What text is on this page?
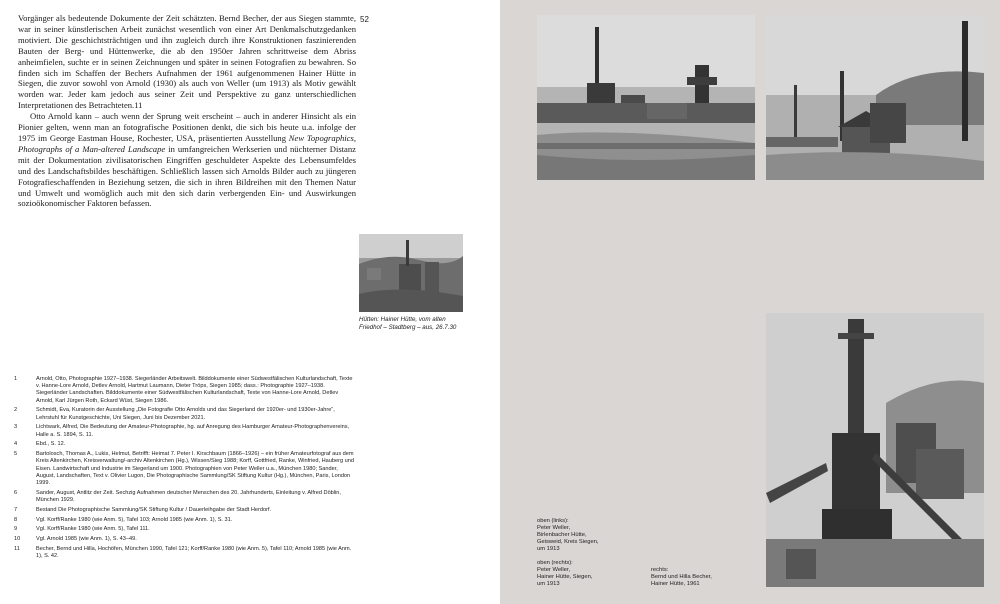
Vorgänger als bedeutende Dokumente der Zeit schätzten. Bernd Becher, der aus Siegen stammte, war in seiner künstlerischen Arbeit zunächst wesentlich von einer Art Denkmalschutzgedanken motiviert. Die geschichtsträchtigen und ihn zugleich durch ihre Konstruktionen faszinierenden Bauten der Berg- und Hüttenwerke, die ab den 1950er Jahren schrittweise dem Abriss anheimfielen, suchte er in seinen Zeichnungen und später in seinen Fotografien zu bewahren. So finden sich im Schaffen der Bechers Aufnahmen der 1961 aufgenommenen Hainer Hütte in Siegen, die zuvor sowohl von Arnold (1930) als auch von Weller (um 1913) als Motiv gewählt worden war. Jeder kam jedoch aus seiner Zeit und Perspektive zu ganz unterschiedlichen Interpretationen des Betrachteten.11

Otto Arnold kann – auch wenn der Sprung weit erscheint – auch in anderer Hinsicht als ein Pionier gelten, wenn man an fotografische Positionen denkt, die sich bis heute u.a. infolge der 1975 im George Eastman House, Rochester, USA, präsentierten Ausstellung New Topographics, Photographs of a Man-altered Landscape in umfangreichen Werkserien und nüchterner Distanz mit der Dokumentation zivilisatorischen Eingriffen geschuldeter Aspekte des Lebensumfeldes und des Landschaftsbildes beschäftigen. Schließlich lassen sich Arnolds Bilder auch zu jüngeren Fotografieschaffenden in Beziehung setzen, die sich in ihren Bildreihen mit den Themen Natur und Umwelt und womöglich auch mit den sich darin verbergenden Ein- und Auswirkungen sozioökonomischer Faktoren befassen.

52
Hütten: Hainer Hütte, vom alten Friedhof – Stadtberg – aus, 26.7.30
1	Arnold, Otto, Photographie 1927–1938. Siegerländer Arbeitswelt. Bilddokumente einer Südwestfälischen Kulturlandschaft, Texte v. Hanne-Lore Arnold, Detlev Arnold, Hartmut Laumann, Dieter Tröps, Siegen 1985; dass.: Photographie 1927–1938. Siegerländer Landschaften. Bilddokumente einer Südwestfälischen Kulturlandschaft, Texte von Hanne-Lore Arnold, Detlev Arnold, Karl Jürgen Roth, Eckard Wüst, Siegen 1986.
2	Schmidt, Eva, Kuratorin der Ausstellung „Die Fotografie Otto Arnolds und das Siegerland der 1920er- und 1930er-Jahre“, Lehrstuhl für Kunstgeschichte, Uni Siegen, Juni bis Dezember 2021.
3	Lichtwark, Alfred, Die Bedeutung der Amateur-Photographie, hg. auf Anregung des Hamburger Amateur-Photographenvereins, Halle a. S. 1894, S. 11.
4	Ebd., S. 12.
5	Bartolosch, Thomas A., Lukis, Helmut, Betrifft: Heimat 7. Peter I. Kirschbaum (1866–1926) – ein früher Amateurfotograf aus dem Kreis Altenkirchen, Kreisverwaltung/-archiv Altenkirchen (Hg.), Wissen/Sieg 1988; Korff, Gottfried, Ranke, Winfried, Hauberg und Eisen. Landwirtschaft und Industrie im Siegerland um 1900. Photographien von Peter Weller u.a., München 1980; Sander, August, Landschaften, Text v. Olivier Lugon, Die Photographische Sammlung/SK Stiftung Kultur (Hg.), München, Paris, London 1999.
6	Sander, August, Antlitz der Zeit. Sechzig Aufnahmen deutscher Menschen des 20. Jahrhunderts, Einleitung v. Alfred Döblin, München 1929.
7	Bestand Die Photographische Sammlung/SK Stiftung Kultur / Dauerleihgabe der Stadt Herdorf.
8	Vgl. Korff/Ranke 1980 (wie Anm. 5), Tafel 103; Arnold 1985 (wie Anm. 1), S. 31.
9	Vgl. Korff/Ranke 1980 (wie Anm. 5), Tafel 111.
10	Vgl. Arnold 1985 (wie Anm. 1), S. 43–49.
11	Becher, Bernd und Hilla, Hochöfen, München 1990, Tafel 121; Korff/Ranke 1980 (wie Anm. 5), Tafel 110; Arnold 1985 (wie Anm. 1), S. 42.
oben (links):
Peter Weller,
Birlenbacher Hütte,
Geisweid, Kreis Siegen,
um 1913
oben (rechts):
Peter Weller,
Hainer Hütte, Siegen,
um 1913
rechts:
Bernd und Hilla Becher,
Hainer Hütte, 1961
